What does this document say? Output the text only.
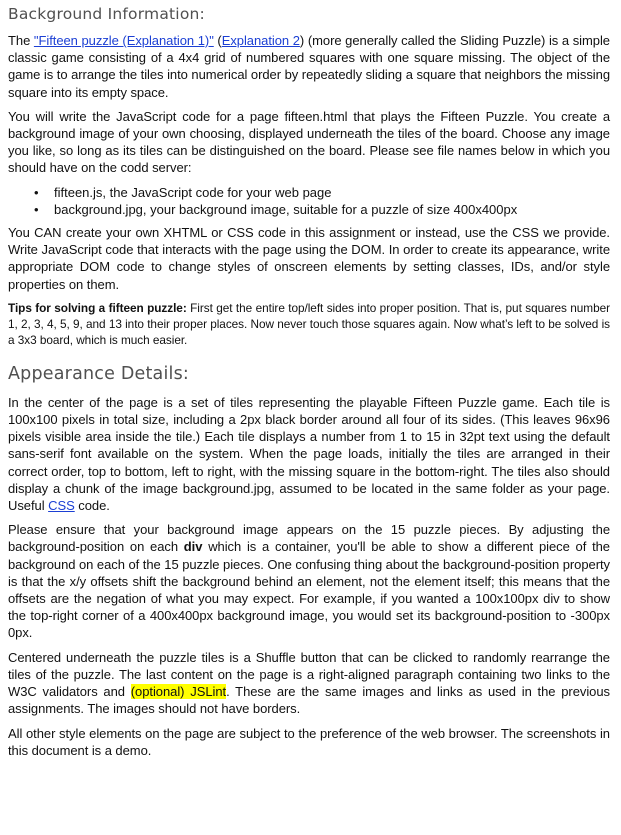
Background Information:

The "Fifteen puzzle (Explanation 1)" (Explanation 2) (more generally called the Sliding Puzzle) is a simple classic game consisting of a 4x4 grid of numbered squares with one square missing. The object of the game is to arrange the tiles into numerical order by repeatedly sliding a square that neighbors the missing square into its empty space.

You will write the JavaScript code for a page fifteen.html that plays the Fifteen Puzzle. You create a background image of your own choosing, displayed underneath the tiles of the board. Choose any image you like, so long as its tiles can be distinguished on the board. Please see file names below in which you should have on the codd server:

• fifteen.js, the JavaScript code for your web page
• background.jpg, your background image, suitable for a puzzle of size 400x400px

You CAN create your own XHTML or CSS code in this assignment or instead, use the CSS we provide. Write JavaScript code that interacts with the page using the DOM. In order to create its appearance, write appropriate DOM code to change styles of onscreen elements by setting classes, IDs, and/or style properties on them.

Tips for solving a fifteen puzzle: First get the entire top/left sides into proper position. That is, put squares number 1, 2, 3, 4, 5, 9, and 13 into their proper places. Now never touch those squares again. Now what’s left to be solved is a 3x3 board, which is much easier.

Appearance Details:

In the center of the page is a set of tiles representing the playable Fifteen Puzzle game. Each tile is 100x100 pixels in total size, including a 2px black border around all four of its sides. (This leaves 96x96 pixels visible area inside the tile.) Each tile displays a number from 1 to 15 in 32pt text using the default sans-serif font available on the system. When the page loads, initially the tiles are arranged in their correct order, top to bottom, left to right, with the missing square in the bottom-right. The tiles also should display a chunk of the image background.jpg, assumed to be located in the same folder as your page. Useful CSS code.

Please ensure that your background image appears on the 15 puzzle pieces. By adjusting the background-position on each div which is a container, you'll be able to show a different piece of the background on each of the 15 puzzle pieces. One confusing thing about the background-position property is that the x/y offsets shift the background behind an element, not the element itself; this means that the offsets are the negation of what you may expect. For example, if you wanted a 100x100px div to show the top-right corner of a 400x400px background image, you would set its background-position to -300px 0px.

Centered underneath the puzzle tiles is a Shuffle button that can be clicked to randomly rearrange the tiles of the puzzle. The last content on the page is a right-aligned paragraph containing two links to the W3C validators and (optional) JSLint. These are the same images and links as used in the previous assignments. The images should not have borders.

All other style elements on the page are subject to the preference of the web browser. The screenshots in this document is a demo.
